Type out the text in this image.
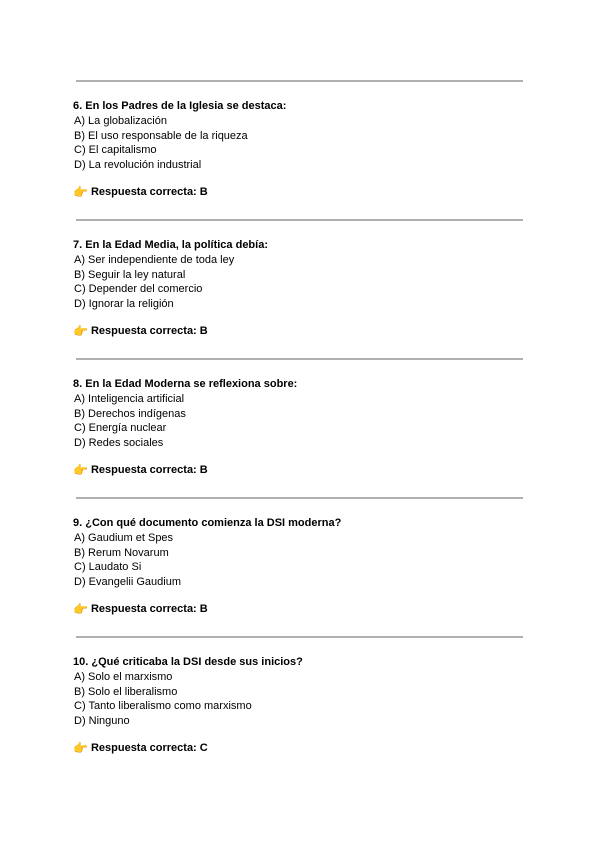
6. En los Padres de la Iglesia se destaca:
A) La globalización
B) El uso responsable de la riqueza
C) El capitalismo
D) La revolución industrial
👉 Respuesta correcta: B
7. En la Edad Media, la política debía:
A) Ser independiente de toda ley
B) Seguir la ley natural
C) Depender del comercio
D) Ignorar la religión
👉 Respuesta correcta: B
8. En la Edad Moderna se reflexiona sobre:
A) Inteligencia artificial
B) Derechos indígenas
C) Energía nuclear
D) Redes sociales
👉 Respuesta correcta: B
9. ¿Con qué documento comienza la DSI moderna?
A) Gaudium et Spes
B) Rerum Novarum
C) Laudato Si
D) Evangelii Gaudium
👉 Respuesta correcta: B
10. ¿Qué criticaba la DSI desde sus inicios?
A) Solo el marxismo
B) Solo el liberalismo
C) Tanto liberalismo como marxismo
D) Ninguno
👉 Respuesta correcta: C
